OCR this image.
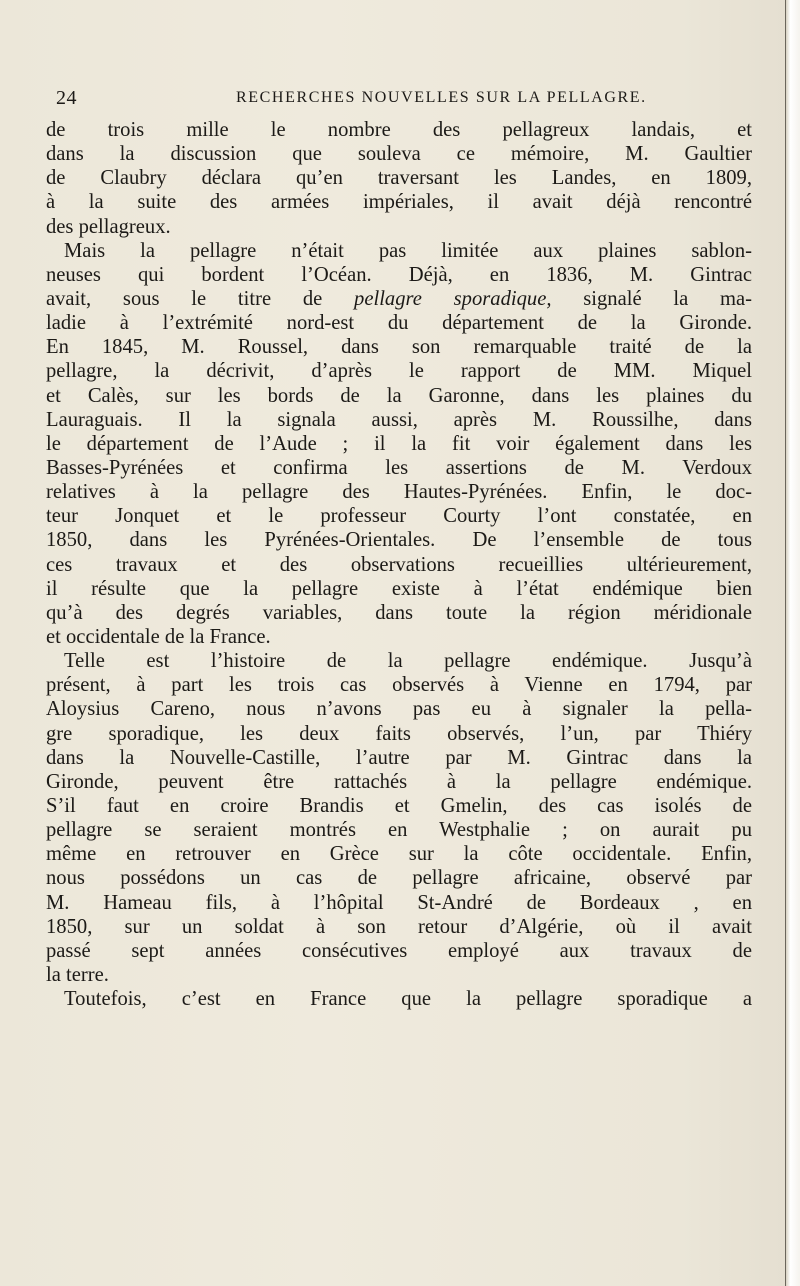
24	RECHERCHES NOUVELLES SUR LA PELLAGRE.
de trois mille le nombre des pellagreux landais, et
dans la discussion que souleva ce mémoire, M. Gaultier
de Claubry déclara qu’en traversant les Landes, en 1809,
à la suite des armées impériales, il avait déjà rencontré
des pellagreux.
Mais la pellagre n’était pas limitée aux plaines sablon-
neuses qui bordent l’Océan. Déjà, en 1836, M. Gintrac
avait, sous le titre de pellagre sporadique, signalé la ma-
ladie à l’extrémité nord-est du département de la Gironde.
En 1845, M. Roussel, dans son remarquable traité de la
pellagre, la décrivit, d’après le rapport de MM. Miquel
et Calès, sur les bords de la Garonne, dans les plaines du
Lauraguais. Il la signala aussi, après M. Roussilhe, dans
le département de l’Aude ; il la fit voir également dans les
Basses-Pyrénées et confirma les assertions de M. Verdoux
relatives à la pellagre des Hautes-Pyrénées. Enfin, le doc-
teur Jonquet et le professeur Courty l’ont constatée, en
1850, dans les Pyrénées-Orientales. De l’ensemble de tous
ces travaux et des observations recueillies ultérieurement,
il résulte que la pellagre existe à l’état endémique bien
qu’à des degrés variables, dans toute la région méridionale
et occidentale de la France.
Telle est l’histoire de la pellagre endémique. Jusqu’à
présent, à part les trois cas observés à Vienne en 1794, par
Aloysius Careno, nous n’avons pas eu à signaler la pella-
gre sporadique, les deux faits observés, l’un, par Thiéry
dans la Nouvelle-Castille, l’autre par M. Gintrac dans la
Gironde, peuvent être rattachés à la pellagre endémique.
S’il faut en croire Brandis et Gmelin, des cas isolés de
pellagre se seraient montrés en Westphalie ; on aurait pu
même en retrouver en Grèce sur la côte occidentale. Enfin,
nous possédons un cas de pellagre africaine, observé par
M. Hameau fils, à l’hôpital St-André de Bordeaux , en
1850, sur un soldat à son retour d’Algérie, où il avait
passé sept années consécutives employé aux travaux de
la terre.
Toutefois, c’est en France que la pellagre sporadique a
